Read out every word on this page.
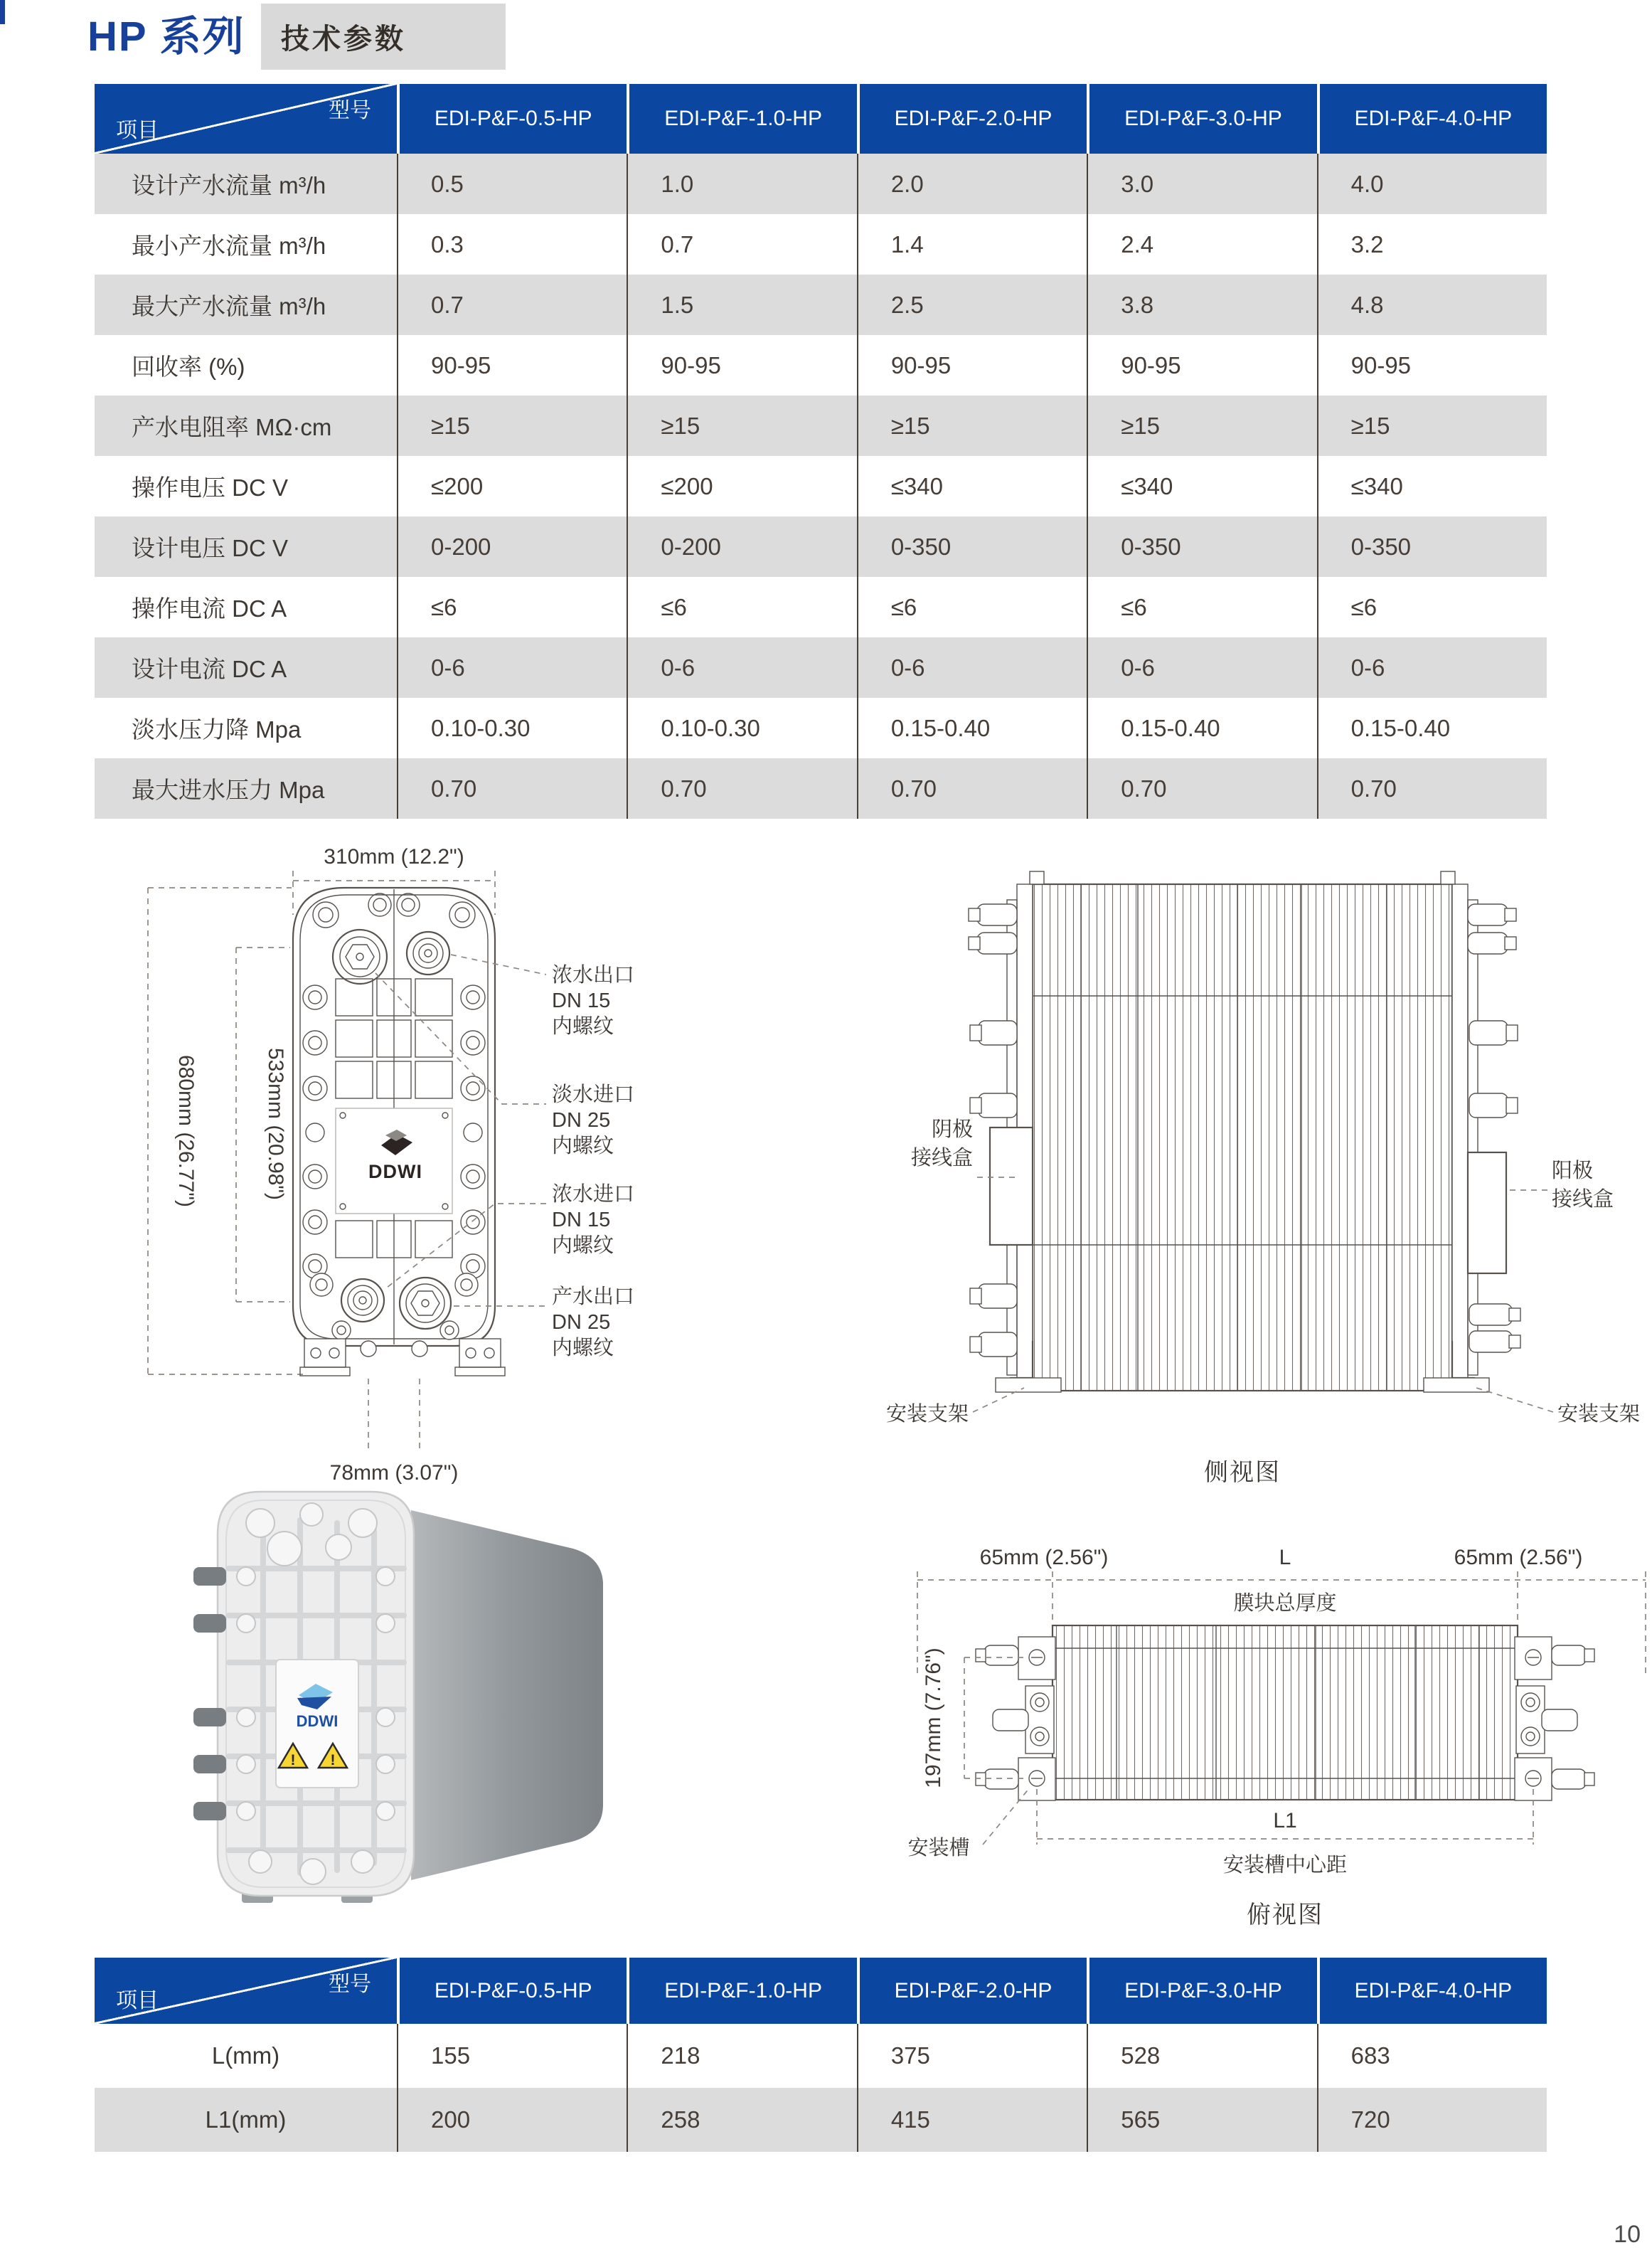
HP 系列 技术参数
型号
项目
EDI-P&F-0.5-HP	EDI-P&F-1.0-HP	EDI-P&F-2.0-HP	EDI-P&F-3.0-HP	EDI-P&F-4.0-HP
设计产水流量 m³/h	0.5	1.0	2.0	3.0	4.0
最小产水流量 m³/h	0.3	0.7	1.4	2.4	3.2
最大产水流量 m³/h	0.7	1.5	2.5	3.8	4.8
回收率 (%)	90-95	90-95	90-95	90-95	90-95
产水电阻率 MΩ·cm	≥15	≥15	≥15	≥15	≥15
操作电压 DC V	≤200	≤200	≤340	≤340	≤340
设计电压 DC V	0-200	0-200	0-350	0-350	0-350
操作电流 DC A	≤6	≤6	≤6	≤6	≤6
设计电流 DC A	0-6	0-6	0-6	0-6	0-6
淡水压力降 Mpa	0.10-0.30	0.10-0.30	0.15-0.40	0.15-0.40	0.15-0.40
最大进水压力 Mpa	0.70	0.70	0.70	0.70	0.70
310mm (12.2")
680mm (26.77")	533mm (20.98")	DDWI
78mm (3.07")
浓水出口
DN 15
内螺纹
淡水进口
DN 25
内螺纹
浓水进口
DN 15
内螺纹
产水出口
DN 25
内螺纹
阴极
接线盒
阳极
接线盒
安装支架	安装支架
侧视图
DDWI
! !
65mm (2.56")	L	65mm (2.56")
膜块总厚度
197mm (7.76")
安装槽
L1
安装槽中心距
俯视图
型号
项目	EDI-P&F-0.5-HP	EDI-P&F-1.0-HP	EDI-P&F-2.0-HP	EDI-P&F-3.0-HP	EDI-P&F-4.0-HP
L(mm)	155	218	375	528	683
L1(mm)	200	258	415	565	720
10
